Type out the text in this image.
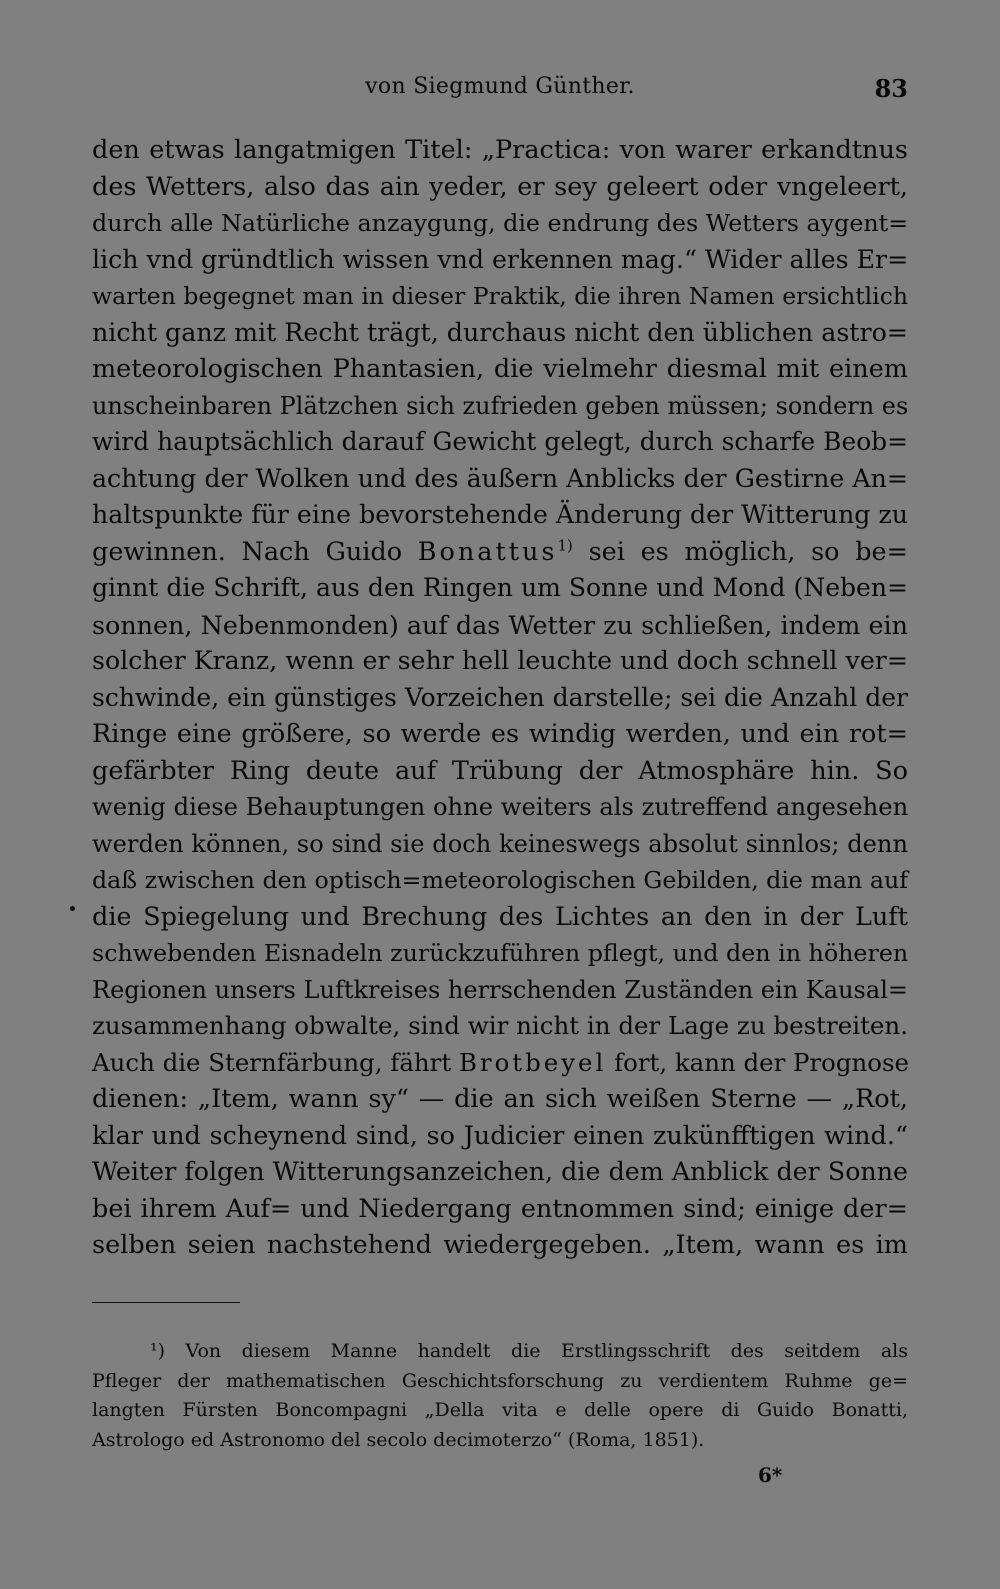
von Siegmund Günther.	83
den etwas langatmigen Titel: „Practica: von warer erkandtnus
des Wetters, also das ain yeder, er sey geleert oder vngeleert,
durch alle Natürliche anzaygung, die endrung des Wetters aygent=
lich vnd gründtlich wissen vnd erkennen mag.“ Wider alles Er=
warten begegnet man in dieser Praktik, die ihren Namen ersichtlich
nicht ganz mit Recht trägt, durchaus nicht den üblichen astro=
meteorologischen Phantasien, die vielmehr diesmal mit einem
unscheinbaren Plätzchen sich zufrieden geben müssen; sondern es
wird hauptsächlich darauf Gewicht gelegt, durch scharfe Beob=
achtung der Wolken und des äußern Anblicks der Gestirne An=
haltspunkte für eine bevorstehende Änderung der Witterung zu
gewinnen. Nach Guido Bonattus$^{1)}$ sei es möglich, so be=
ginnt die Schrift, aus den Ringen um Sonne und Mond (Neben=
sonnen, Nebenmonden) auf das Wetter zu schließen, indem ein
solcher Kranz, wenn er sehr hell leuchte und doch schnell ver=
schwinde, ein günstiges Vorzeichen darstelle; sei die Anzahl der
Ringe eine größere, so werde es windig werden, und ein rot=
gefärbter Ring deute auf Trübung der Atmosphäre hin. So
wenig diese Behauptungen ohne weiters als zutreffend angesehen
werden können, so sind sie doch keineswegs absolut sinnlos; denn
daß zwischen den optisch=meteorologischen Gebilden, die man auf
die Spiegelung und Brechung des Lichtes an den in der Luft
schwebenden Eisnadeln zurückzuführen pflegt, und den in höheren
Regionen unsers Luftkreises herrschenden Zuständen ein Kausal=
zusammenhang obwalte, sind wir nicht in der Lage zu bestreiten.
Auch die Sternfärbung, fährt Brotbeyel fort, kann der Prognose
dienen: „Item, wann sy“ — die an sich weißen Sterne — „Rot,
klar und scheynend sind, so Judicier einen zukünfftigen wind.“
Weiter folgen Witterungsanzeichen, die dem Anblick der Sonne
bei ihrem Auf= und Niedergang entnommen sind; einige der=
selben seien nachstehend wiedergegeben. „Item, wann es im
¹) Von diesem Manne handelt die Erstlingsschrift des seitdem als
Pfleger der mathematischen Geschichtsforschung zu verdientem Ruhme ge=
langten Fürsten Boncompagni „Della vita e delle opere di Guido Bonatti,
Astrologo ed Astronomo del secolo decimoterzo“ (Roma, 1851).
6*
